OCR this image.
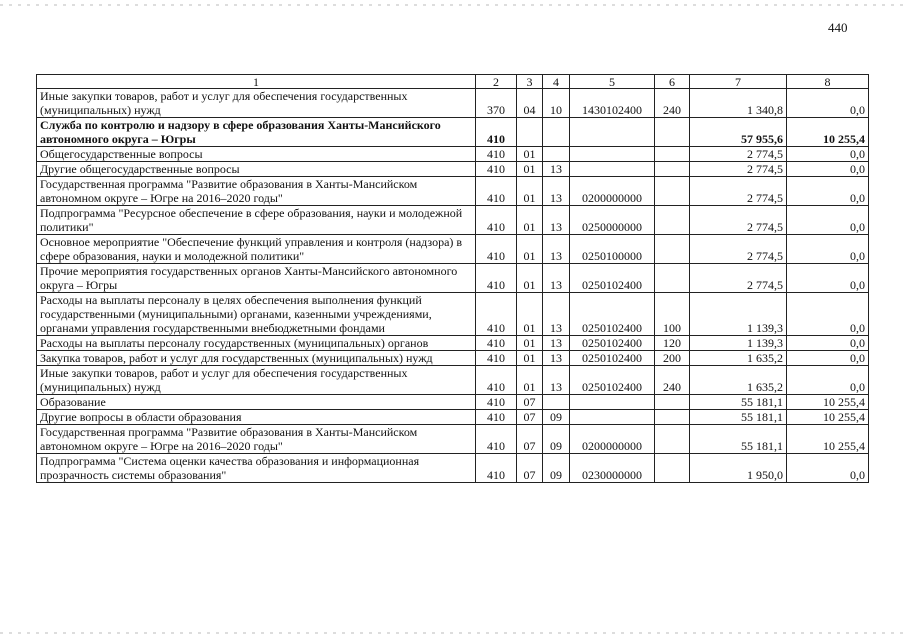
440
1	2	3	4	5	6	7	8
Иные закупки товаров, работ и услуг для обеспечения государственных (муниципальных) нужд	370	04	10	1430102400	240	1 340,8	0,0
Служба по контролю и надзору в сфере образования Ханты-Мансийского автономного округа – Югры	410					57 955,6	10 255,4
Общегосударственные вопросы	410	01				2 774,5	0,0
Другие общегосударственные вопросы	410	01	13			2 774,5	0,0
Государственная программа "Развитие образования в Ханты-Мансийском автономном округе – Югре на 2016–2020 годы"	410	01	13	0200000000		2 774,5	0,0
Подпрограмма "Ресурсное обеспечение в сфере образования, науки и молодежной политики"	410	01	13	0250000000		2 774,5	0,0
Основное мероприятие "Обеспечение функций управления и контроля (надзора) в сфере образования, науки и молодежной политики"	410	01	13	0250100000		2 774,5	0,0
Прочие мероприятия государственных органов Ханты-Мансийского автономного округа – Югры	410	01	13	0250102400		2 774,5	0,0
Расходы на выплаты персоналу в целях обеспечения выполнения функций государственными (муниципальными) органами, казенными учреждениями, органами управления государственными внебюджетными фондами	410	01	13	0250102400	100	1 139,3	0,0
Расходы на выплаты персоналу государственных (муниципальных) органов	410	01	13	0250102400	120	1 139,3	0,0
Закупка товаров, работ и услуг для государственных (муниципальных) нужд	410	01	13	0250102400	200	1 635,2	0,0
Иные закупки товаров, работ и услуг для обеспечения государственных (муниципальных) нужд	410	01	13	0250102400	240	1 635,2	0,0
Образование	410	07				55 181,1	10 255,4
Другие вопросы в области образования	410	07	09			55 181,1	10 255,4
Государственная программа "Развитие образования в Ханты-Мансийском автономном округе – Югре на 2016–2020 годы"	410	07	09	0200000000		55 181,1	10 255,4
Подпрограмма "Система оценки качества образования и информационная прозрачность системы образования"	410	07	09	0230000000		1 950,0	0,0
